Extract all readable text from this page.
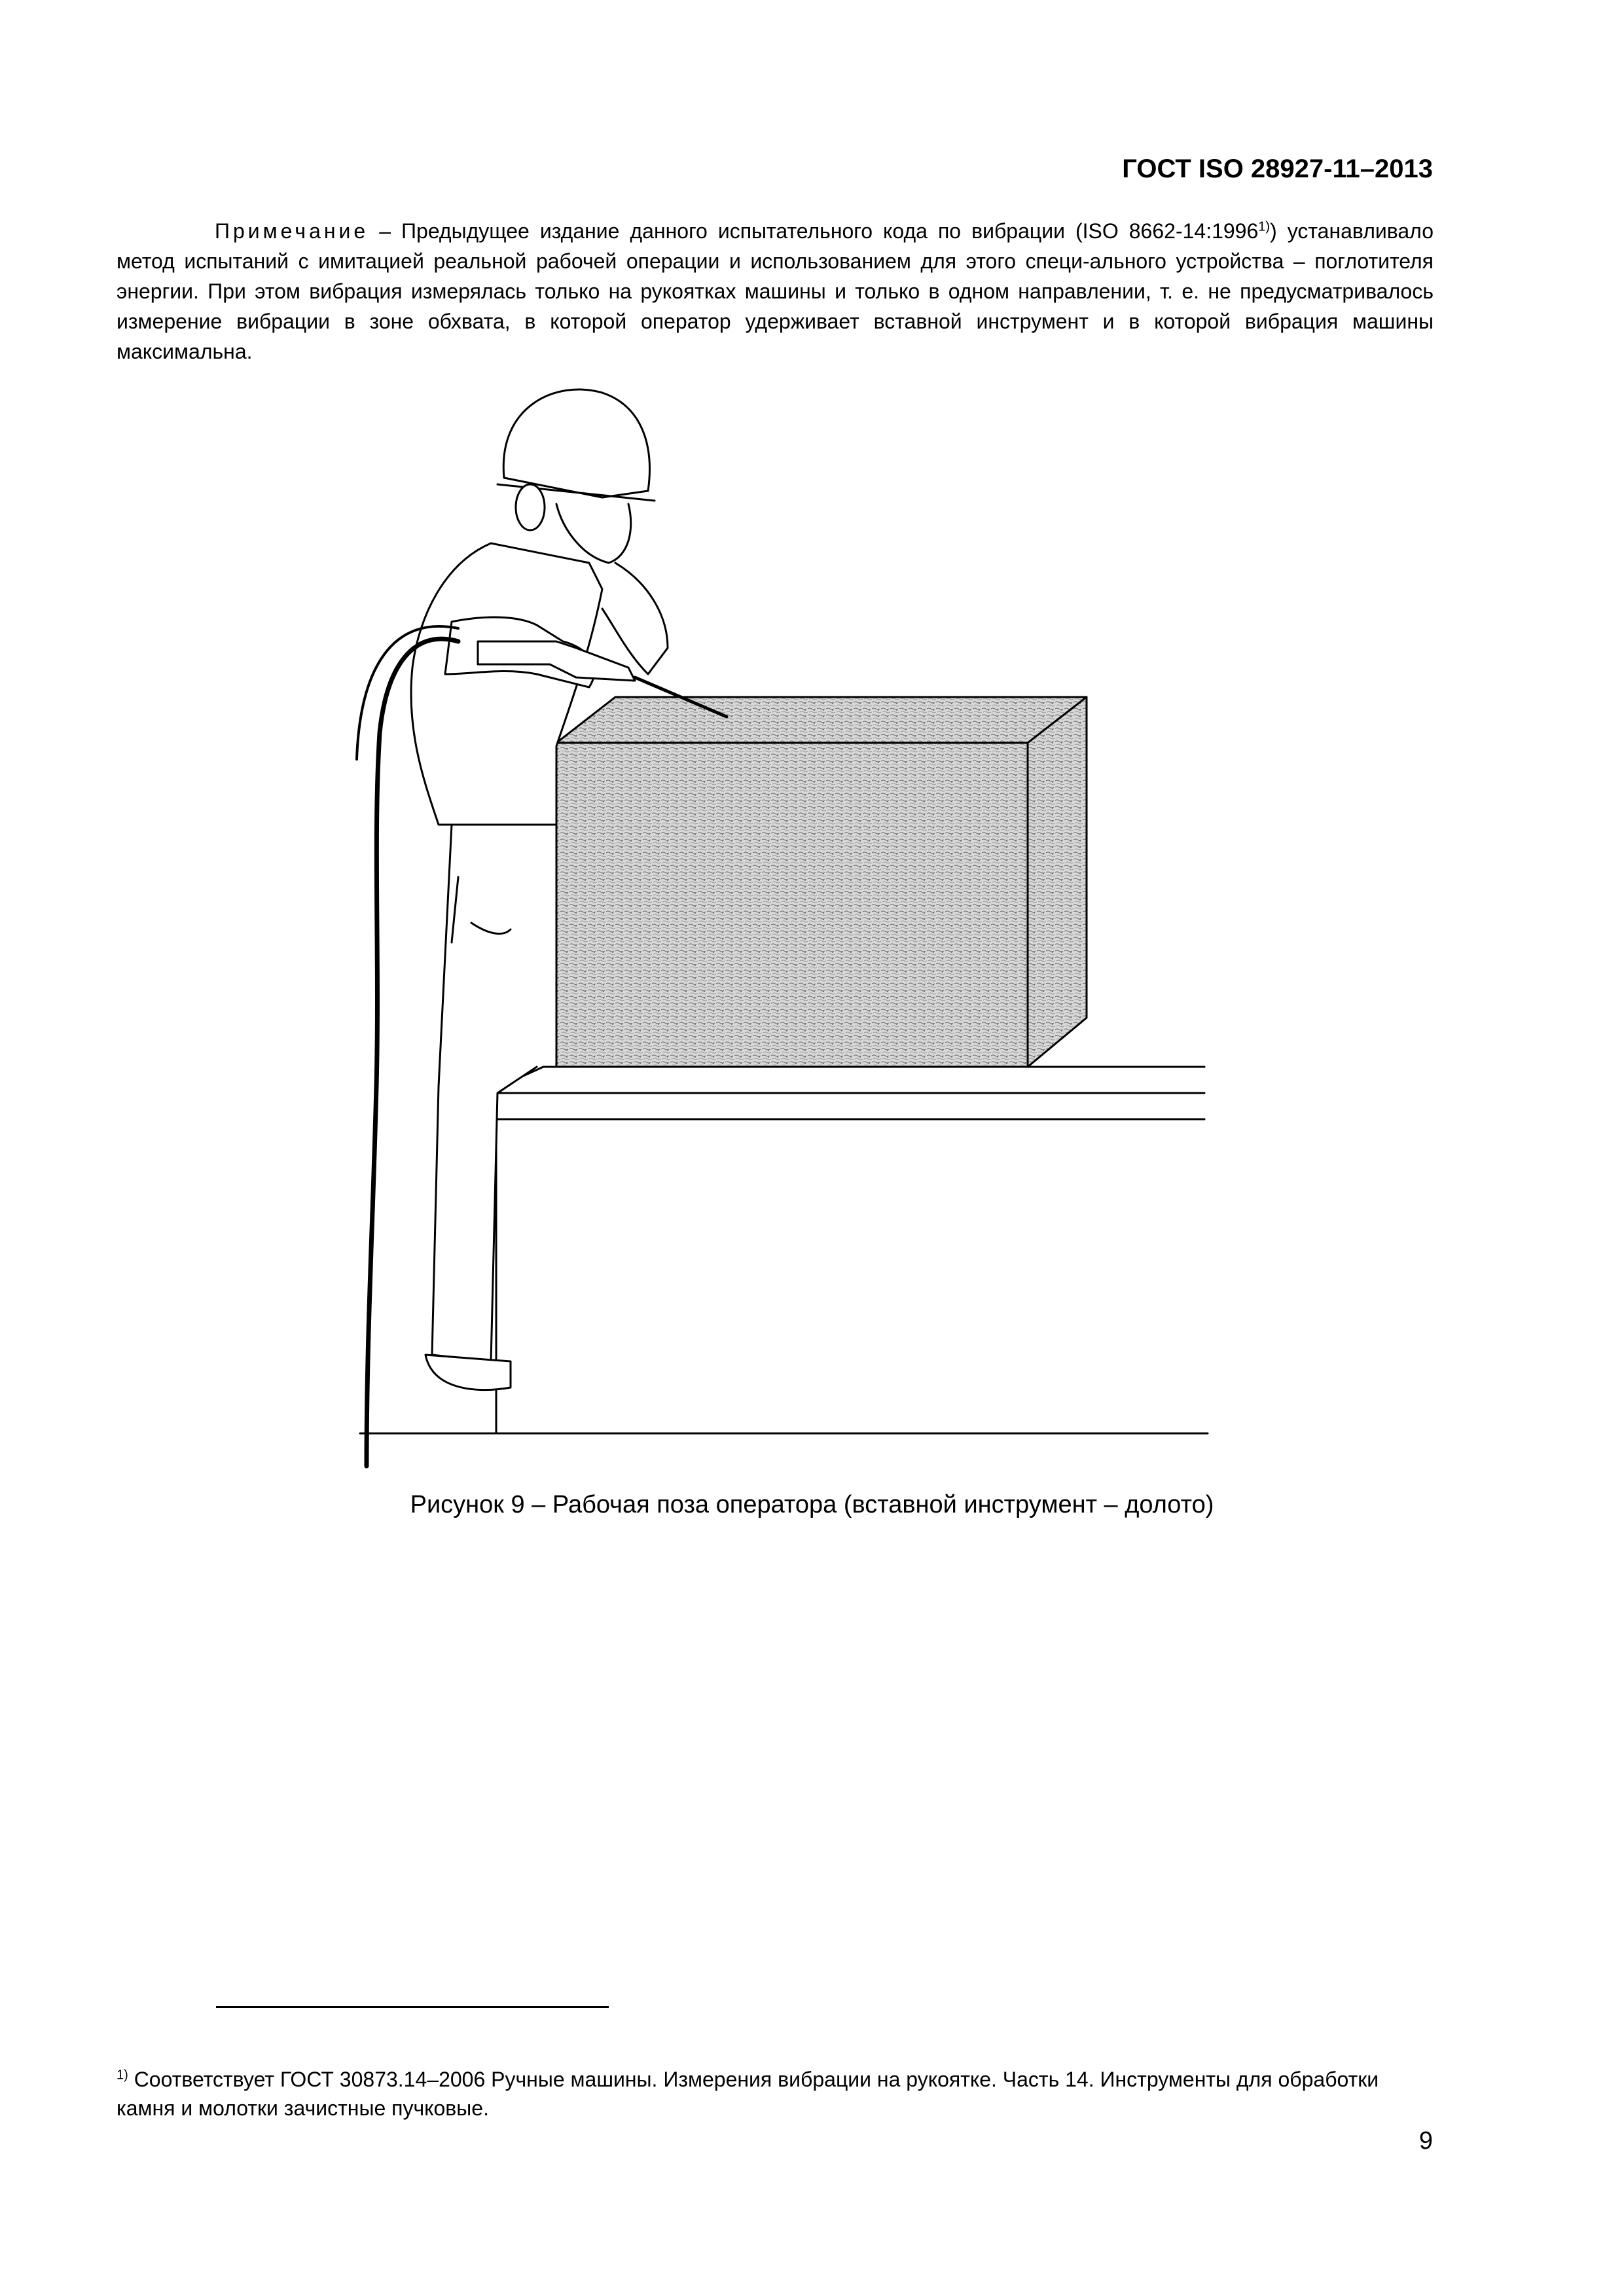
ГОСТ ISO 28927-11–2013
Примечание – Предыдущее издание данного испытательного кода по вибрации (ISO 8662-14:1996$^{1)}$) устанавливало метод испытаний с имитацией реальной рабочей операции и использованием для этого специ-ального устройства – поглотителя энергии. При этом вибрация измерялась только на рукоятках машины и только в одном направлении, т. е. не предусматривалось измерение вибрации в зоне обхвата, в которой оператор удерживает вставной инструмент и в которой вибрация машины максимальна.
Рисунок 9 – Рабочая поза оператора (вставной инструмент – долото)
$^{1)}$ Соответствует ГОСТ 30873.14–2006 Ручные машины. Измерения вибрации на рукоятке. Часть 14. Инструменты для обработки камня и молотки зачистные пучковые.
9
